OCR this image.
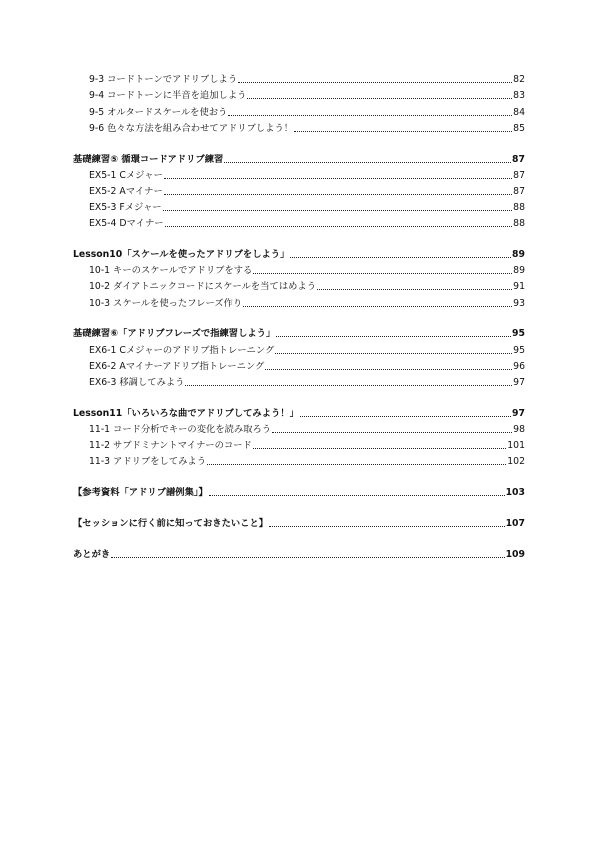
9-3 コードトーンでアドリブしよう	82
9-4 コードトーンに半音を追加しよう	83
9-5 オルタードスケールを使おう	84
9-6 色々な方法を組み合わせてアドリブしよう！	85
基礎練習⑤ 循環コードアドリブ練習	87
EX5-1 Cメジャー	87
EX5-2 Aマイナー	87
EX5-3 Fメジャー	88
EX5-4 Dマイナー	88
Lesson10「スケールを使ったアドリブをしよう」	89
10-1 キーのスケールでアドリブをする	89
10-2 ダイアトニックコードにスケールを当てはめよう	91
10-3 スケールを使ったフレーズ作り	93
基礎練習⑥「アドリブフレーズで指練習しよう」	95
EX6-1 Cメジャーのアドリブ指トレーニング	95
EX6-2 Aマイナーアドリブ指トレーニング	96
EX6-3 移調してみよう	97
Lesson11「いろいろな曲でアドリブしてみよう！」	97
11-1 コード分析でキーの変化を読み取ろう	98
11-2 サブドミナントマイナーのコード	101
11-3 アドリブをしてみよう	102
【参考資料「アドリブ譜例集」】	103
【セッションに行く前に知っておきたいこと】	107
あとがき	109
